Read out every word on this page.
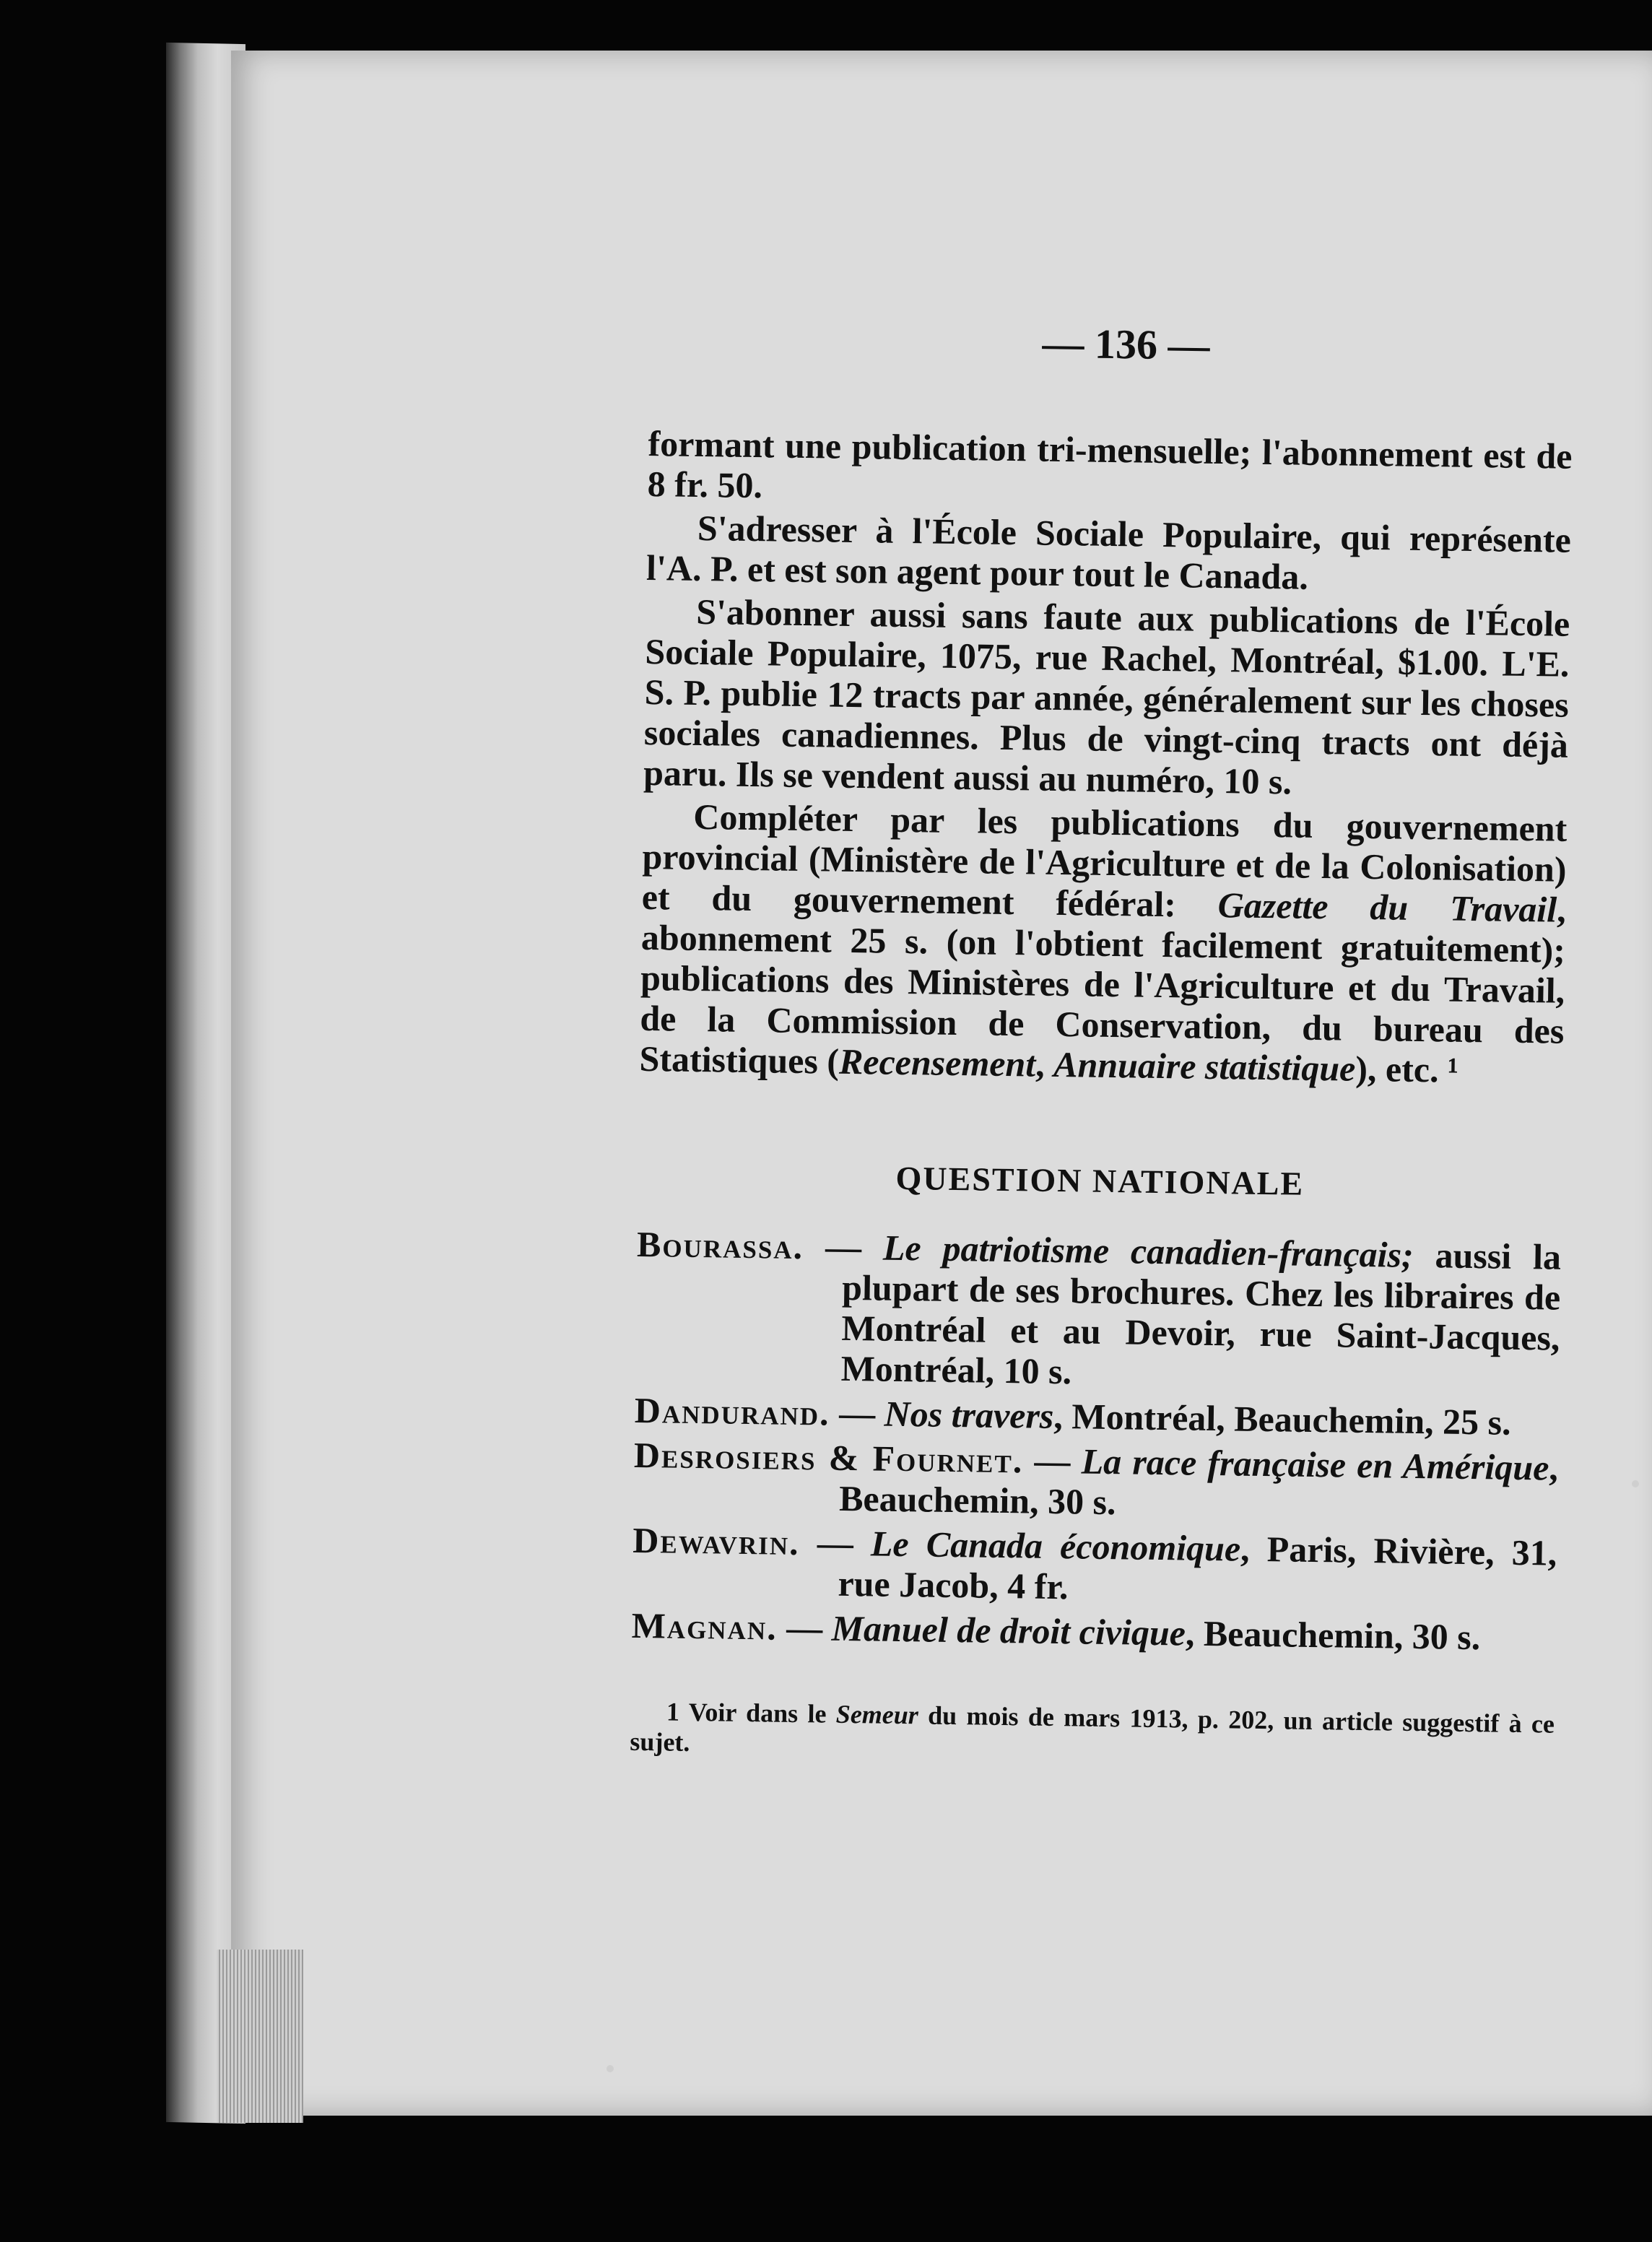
— 136 —

formant une publication tri-mensuelle; l'abonnement est de 8 fr. 50.

S'adresser à l'École Sociale Populaire, qui représente l'A. P. et est son agent pour tout le Canada.

S'abonner aussi sans faute aux publications de l'École Sociale Populaire, 1075, rue Rachel, Montréal, $1.00. L'E. S. P. publie 12 tracts par année, généralement sur les choses sociales canadiennes. Plus de vingt-cinq tracts ont déjà paru. Ils se vendent aussi au numéro, 10 s.

Compléter par les publications du gouvernement provincial (Ministère de l'Agriculture et de la Colonisation) et du gouvernement fédéral: Gazette du Travail, abonnement 25 s. (on l'obtient facilement gratuitement); publications des Ministères de l'Agriculture et du Travail, de la Commission de Conservation, du bureau des Statistiques (Recensement, Annuaire statistique), etc. ¹

QUESTION NATIONALE

Bourassa. — Le patriotisme canadien-français; aussi la plupart de ses brochures. Chez les libraires de Montréal et au Devoir, rue Saint-Jacques, Montréal, 10 s.

Dandurand. — Nos travers, Montréal, Beauchemin, 25 s.

Desrosiers & Fournet. — La race française en Amérique, Beauchemin, 30 s.

Dewavrin. — Le Canada économique, Paris, Rivière, 31, rue Jacob, 4 fr.

Magnan. — Manuel de droit civique, Beauchemin, 30 s.

1 Voir dans le Semeur du mois de mars 1913, p. 202, un article suggestif à ce sujet.
